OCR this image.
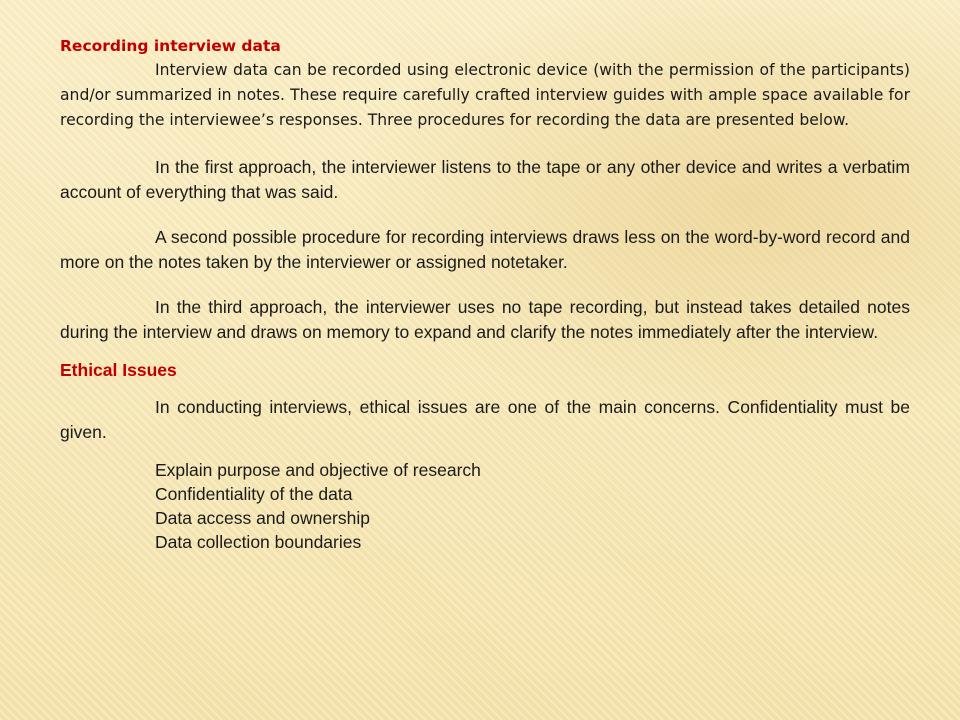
Recording interview data

Interview data can be recorded using electronic device (with the permission of the participants) and/or summarized in notes. These require carefully crafted interview guides with ample space available for recording the interviewee’s responses. Three procedures for recording the data are presented below.

In the first approach, the interviewer listens to the tape or any other device and writes a verbatim account of everything that was said.

A second possible procedure for recording interviews draws less on the word-by-word record and more on the notes taken by the interviewer or assigned notetaker.

In the third approach, the interviewer uses no tape recording, but instead takes detailed notes during the interview and draws on memory to expand and clarify the notes immediately after the interview.

Ethical Issues

In conducting interviews, ethical issues are one of the main concerns. Confidentiality must be given.

Explain purpose and objective of research
Confidentiality of the data
Data access and ownership
Data collection boundaries
